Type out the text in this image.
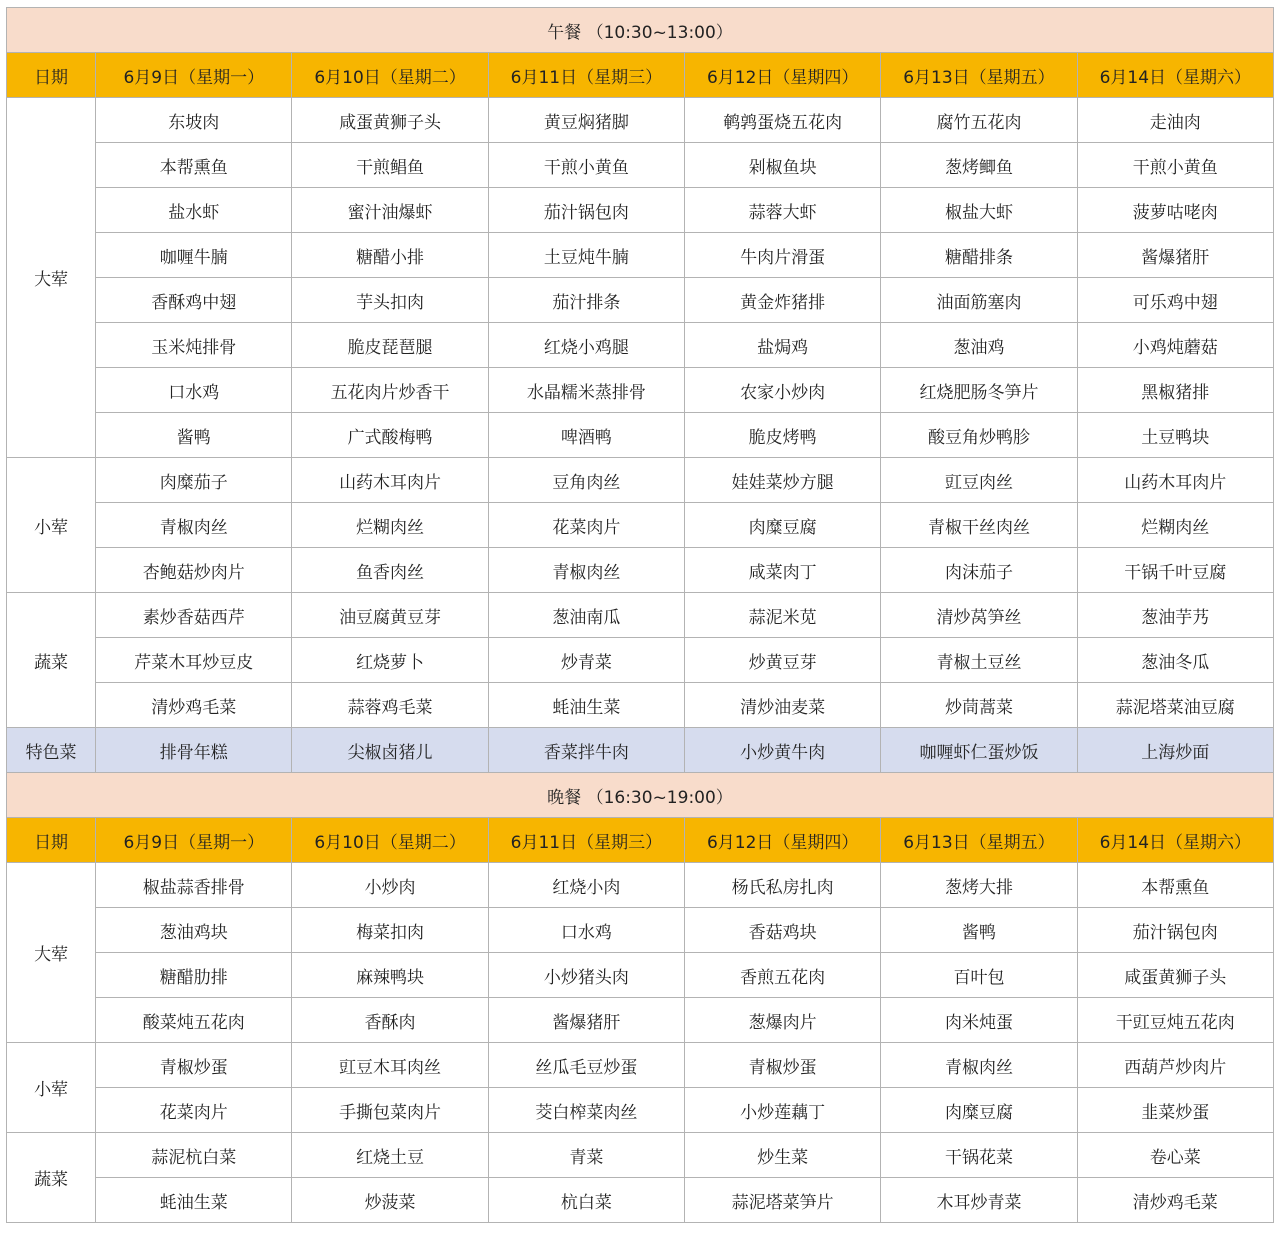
午餐 （10:30~13:00）						
日期	6月9日（星期一）	6月10日（星期二）	6月11日（星期三）	6月12日（星期四）	6月13日（星期五）	6月14日（星期六）
大荤	东坡肉	咸蛋黄狮子头	黄豆焖猪脚	鹌鹑蛋烧五花肉	腐竹五花肉	走油肉
	本帮熏鱼	干煎鲳鱼	干煎小黄鱼	剁椒鱼块	葱烤鲫鱼	干煎小黄鱼
	盐水虾	蜜汁油爆虾	茄汁锅包肉	蒜蓉大虾	椒盐大虾	菠萝咕咾肉
	咖喱牛腩	糖醋小排	土豆炖牛腩	牛肉片滑蛋	糖醋排条	酱爆猪肝
	香酥鸡中翅	芋头扣肉	茄汁排条	黄金炸猪排	油面筋塞肉	可乐鸡中翅
	玉米炖排骨	脆皮琵琶腿	红烧小鸡腿	盐焗鸡	葱油鸡	小鸡炖蘑菇
	口水鸡	五花肉片炒香干	水晶糯米蒸排骨	农家小炒肉	红烧肥肠冬笋片	黑椒猪排
	酱鸭	广式酸梅鸭	啤酒鸭	脆皮烤鸭	酸豆角炒鸭胗	土豆鸭块
小荤	肉糜茄子	山药木耳肉片	豆角肉丝	娃娃菜炒方腿	豇豆肉丝	山药木耳肉片
	青椒肉丝	烂糊肉丝	花菜肉片	肉糜豆腐	青椒干丝肉丝	烂糊肉丝
	杏鲍菇炒肉片	鱼香肉丝	青椒肉丝	咸菜肉丁	肉沫茄子	干锅千叶豆腐
蔬菜	素炒香菇西芹	油豆腐黄豆芽	葱油南瓜	蒜泥米苋	清炒莴笋丝	葱油芋艿
	芹菜木耳炒豆皮	红烧萝卜	炒青菜	炒黄豆芽	青椒土豆丝	葱油冬瓜
	清炒鸡毛菜	蒜蓉鸡毛菜	蚝油生菜	清炒油麦菜	炒茼蒿菜	蒜泥塔菜油豆腐
特色菜	排骨年糕	尖椒卤猪儿	香菜拌牛肉	小炒黄牛肉	咖喱虾仁蛋炒饭	上海炒面
晚餐 （16:30~19:00）						
日期	6月9日（星期一）	6月10日（星期二）	6月11日（星期三）	6月12日（星期四）	6月13日（星期五）	6月14日（星期六）
大荤	椒盐蒜香排骨	小炒肉	红烧小肉	杨氏私房扎肉	葱烤大排	本帮熏鱼
	葱油鸡块	梅菜扣肉	口水鸡	香菇鸡块	酱鸭	茄汁锅包肉
	糖醋肋排	麻辣鸭块	小炒猪头肉	香煎五花肉	百叶包	咸蛋黄狮子头
	酸菜炖五花肉	香酥肉	酱爆猪肝	葱爆肉片	肉米炖蛋	干豇豆炖五花肉
小荤	青椒炒蛋	豇豆木耳肉丝	丝瓜毛豆炒蛋	青椒炒蛋	青椒肉丝	西葫芦炒肉片
	花菜肉片	手撕包菜肉片	茭白榨菜肉丝	小炒莲藕丁	肉糜豆腐	韭菜炒蛋
蔬菜	蒜泥杭白菜	红烧土豆	青菜	炒生菜	干锅花菜	卷心菜
	蚝油生菜	炒菠菜	杭白菜	蒜泥塔菜笋片	木耳炒青菜	清炒鸡毛菜
